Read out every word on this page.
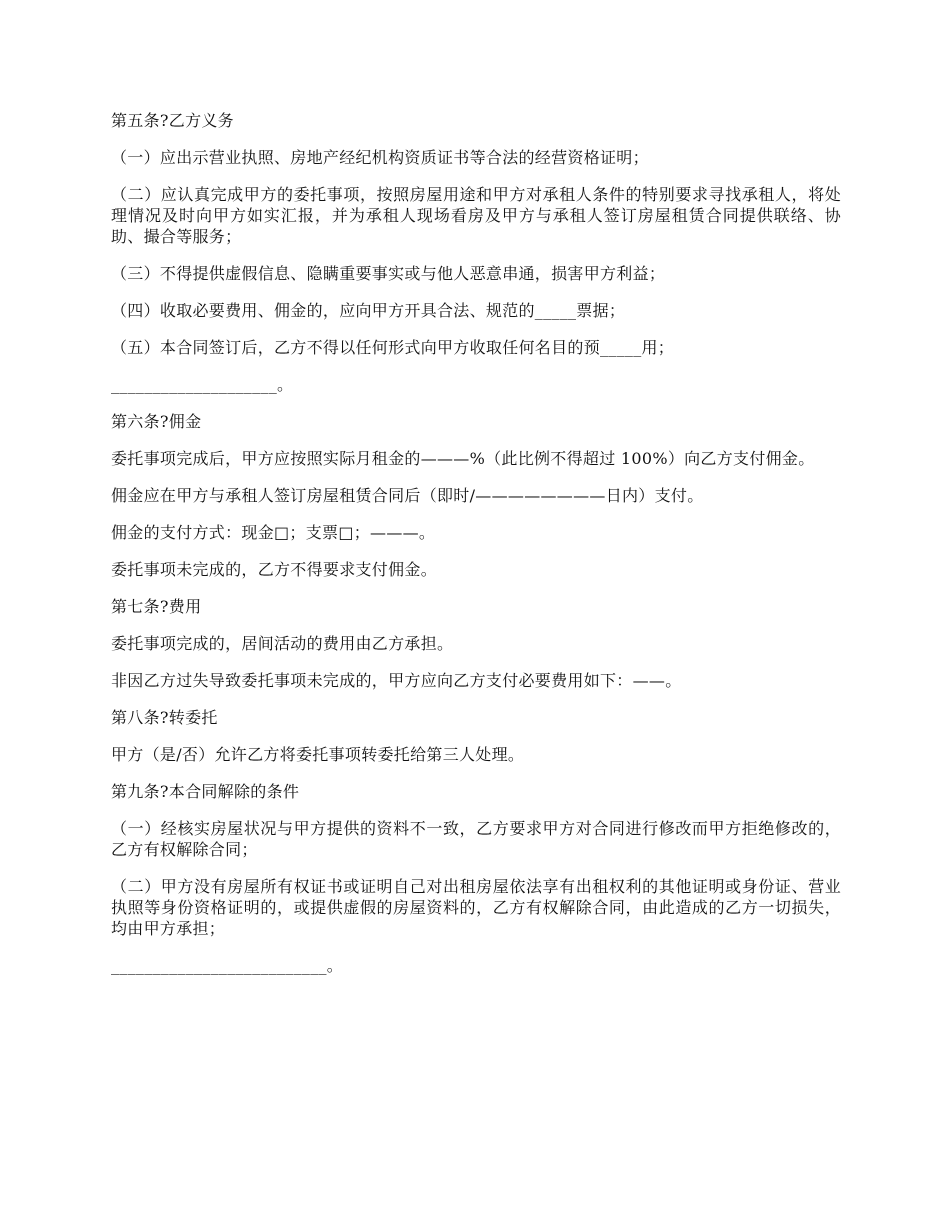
第五条?乙方义务

（一）应出示营业执照、房地产经纪机构资质证书等合法的经营资格证明；

（二）应认真完成甲方的委托事项，按照房屋用途和甲方对承租人条件的特别要求寻找承租人，将处理情况及时向甲方如实汇报，并为承租人现场看房及甲方与承租人签订房屋租赁合同提供联络、协助、撮合等服务；

（三）不得提供虚假信息、隐瞒重要事实或与他人恶意串通，损害甲方利益；

（四）收取必要费用、佣金的，应向甲方开具合法、规范的_____票据；

（五）本合同签订后，乙方不得以任何形式向甲方收取任何名目的预_____用；

____________________。

第六条?佣金

委托事项完成后，甲方应按照实际月租金的———%（此比例不得超过 100%）向乙方支付佣金。

佣金应在甲方与承租人签订房屋租赁合同后（即时/————————日内）支付。

佣金的支付方式：现金□；支票□；———。

委托事项未完成的，乙方不得要求支付佣金。

第七条?费用

委托事项完成的，居间活动的费用由乙方承担。

非因乙方过失导致委托事项未完成的，甲方应向乙方支付必要费用如下：——。

第八条?转委托

甲方（是/否）允许乙方将委托事项转委托给第三人处理。

第九条?本合同解除的条件

（一）经核实房屋状况与甲方提供的资料不一致，乙方要求甲方对合同进行修改而甲方拒绝修改的，乙方有权解除合同；

（二）甲方没有房屋所有权证书或证明自己对出租房屋依法享有出租权利的其他证明或身份证、营业执照等身份资格证明的，或提供虚假的房屋资料的，乙方有权解除合同，由此造成的乙方一切损失，均由甲方承担；

__________________________。
